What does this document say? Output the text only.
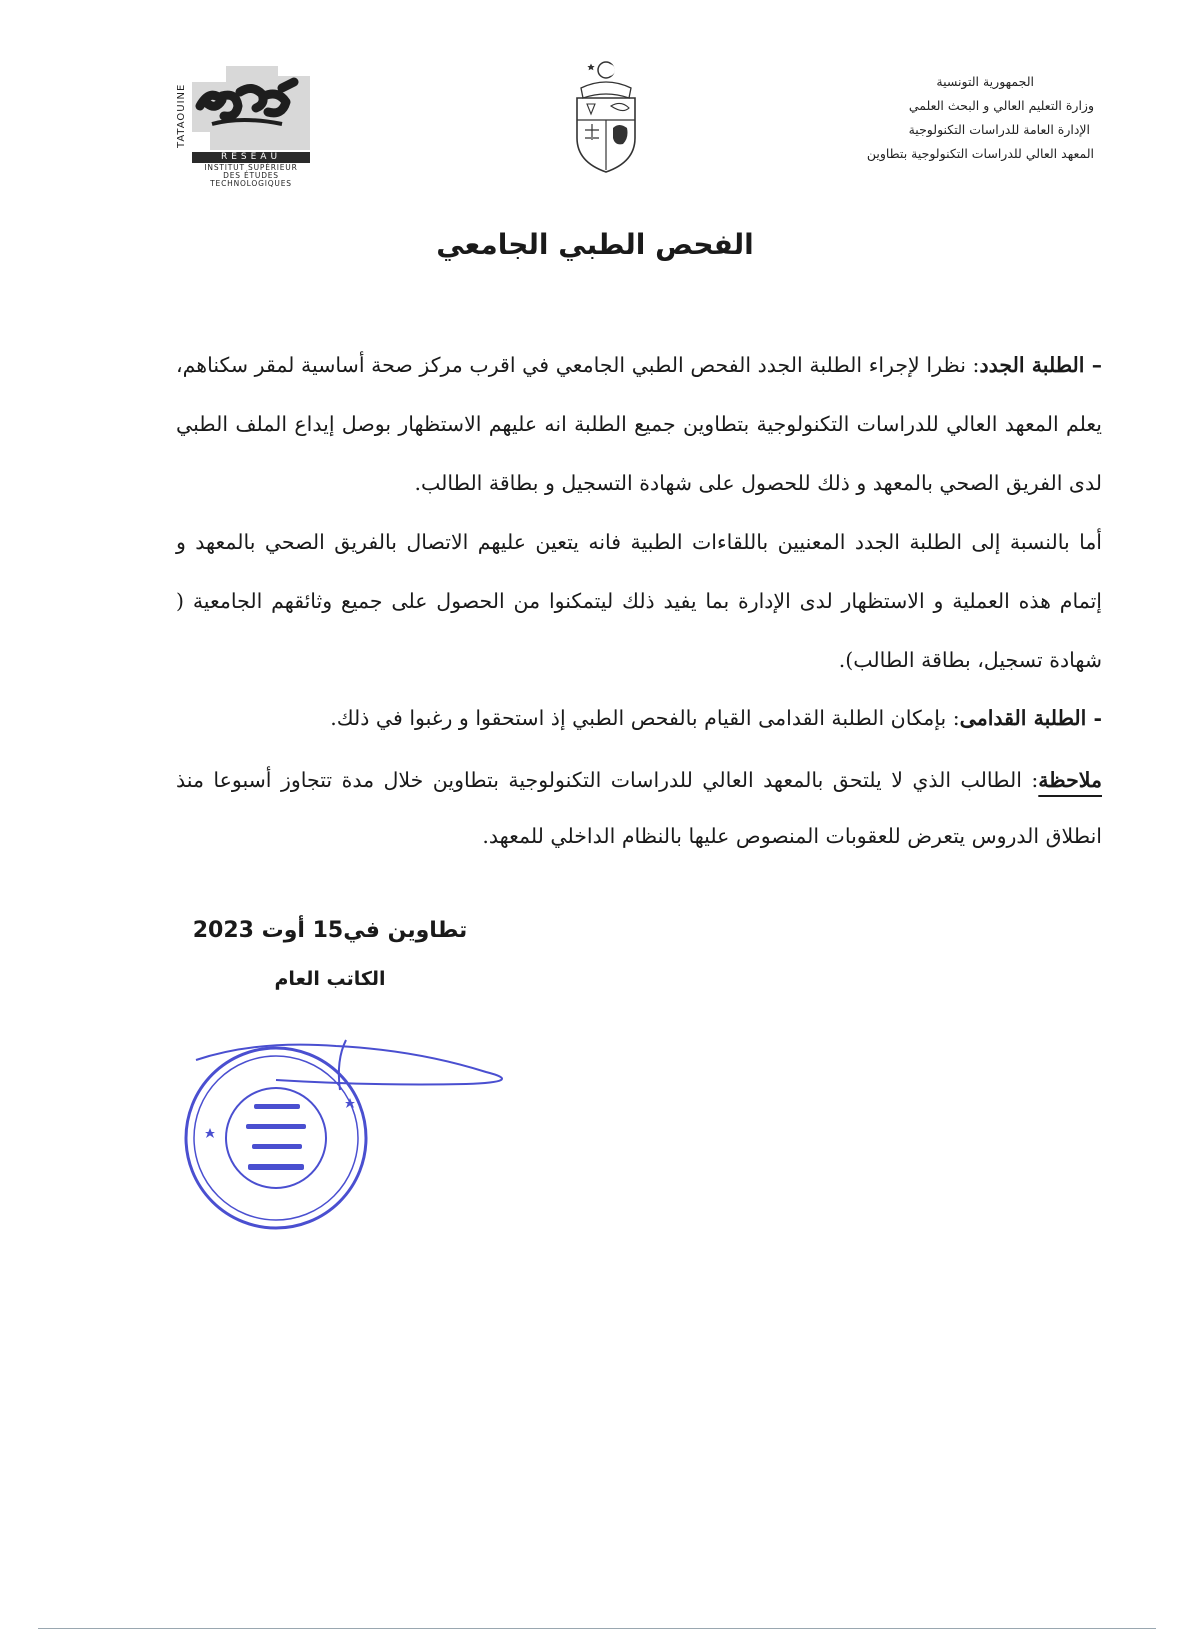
الجمهورية التونسية
وزارة التعليم العالي و البحث العلمي
الإدارة العامة للدراسات التكنولوجية
المعهد العالي للدراسات التكنولوجية بتطاوين
TATAOUINE
RESEAU
INSTITUT SUPÉRIEUR
DES ÉTUDES
TECHNOLOGIQUES
الفحص الطبي الجامعي

– الطلبة الجدد: نظرا لإجراء الطلبة الجدد الفحص الطبي الجامعي في اقرب مركز صحة أساسية لمقر سكناهم، يعلم المعهد العالي للدراسات التكنولوجية بتطاوين جميع الطلبة انه عليهم الاستظهار بوصل إيداع الملف الطبي لدى الفريق الصحي بالمعهد و ذلك للحصول على شهادة التسجيل و بطاقة الطالب.

أما بالنسبة إلى الطلبة الجدد المعنيين باللقاءات الطبية فانه يتعين عليهم الاتصال بالفريق الصحي بالمعهد و إتمام هذه العملية و الاستظهار لدى الإدارة بما يفيد ذلك ليتمكنوا من الحصول على جميع وثائقهم الجامعية ( شهادة تسجيل، بطاقة الطالب).

- الطلبة القدامى: بإمكان الطلبة القدامى القيام بالفحص الطبي إذ استحقوا و رغبوا في ذلك.

ملاحظة: الطالب الذي لا يلتحق بالمعهد العالي للدراسات التكنولوجية بتطاوين خلال مدة تتجاوز أسبوعا منذ انطلاق الدروس يتعرض للعقوبات المنصوص عليها بالنظام الداخلي للمعهد.

تطاوين في15 أوت 2023
الكاتب العام
